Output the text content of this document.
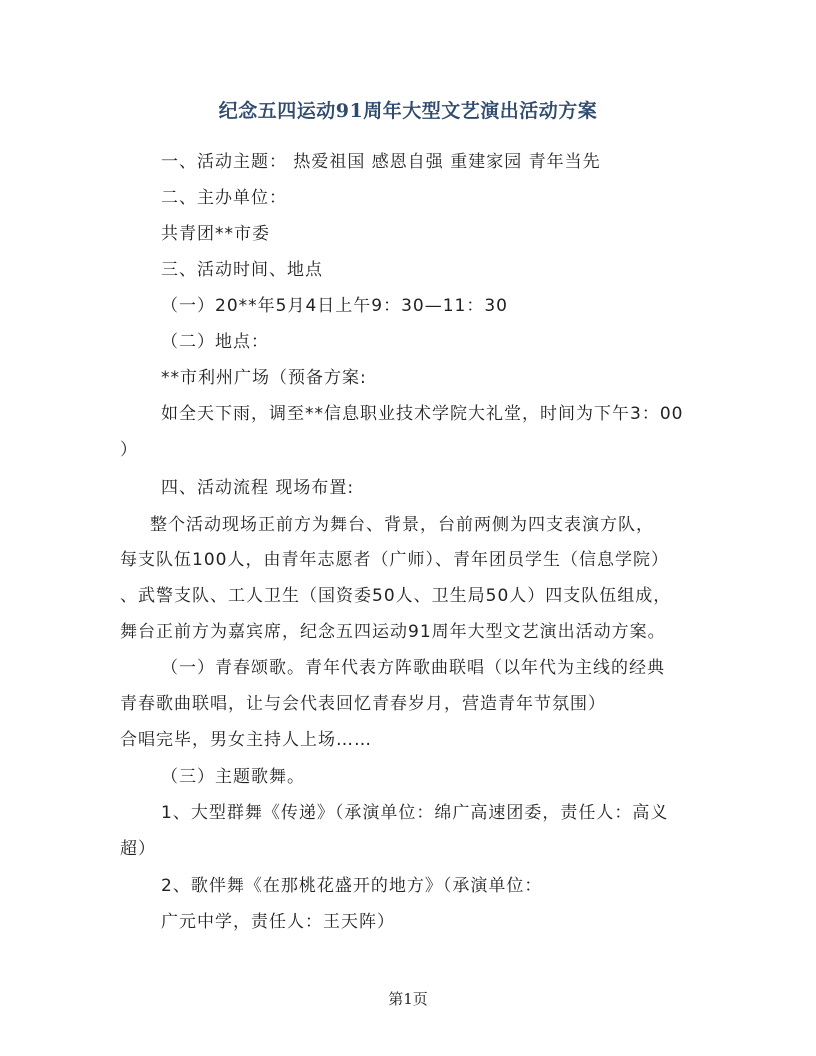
纪念五四运动91周年大型文艺演出活动方案
一、活动主题： 热爱祖国 感恩自强 重建家园 青年当先
二、主办单位：
共青团**市委
三、活动时间、地点
（一）20**年5月4日上午9：30—11：30
（二）地点：
**市利州广场（预备方案:
如全天下雨，调至**信息职业技术学院大礼堂，时间为下午3：00
）
四、活动流程 现场布置:
整个活动现场正前方为舞台、背景，台前两侧为四支表演方队，
每支队伍100人，由青年志愿者（广师）、青年团员学生（信息学院）
、武警支队、工人卫生（国资委50人、卫生局50人）四支队伍组成，
舞台正前方为嘉宾席，纪念五四运动91周年大型文艺演出活动方案。
（一）青春颂歌。青年代表方阵歌曲联唱（以年代为主线的经典
青春歌曲联唱，让与会代表回忆青春岁月，营造青年节氛围）
合唱完毕，男女主持人上场……
（三）主题歌舞。
1、大型群舞《传递》（承演单位：绵广高速团委，责任人：高义
超）
2、歌伴舞《在那桃花盛开的地方》（承演单位：
广元中学，责任人：王天阵）
第1页
